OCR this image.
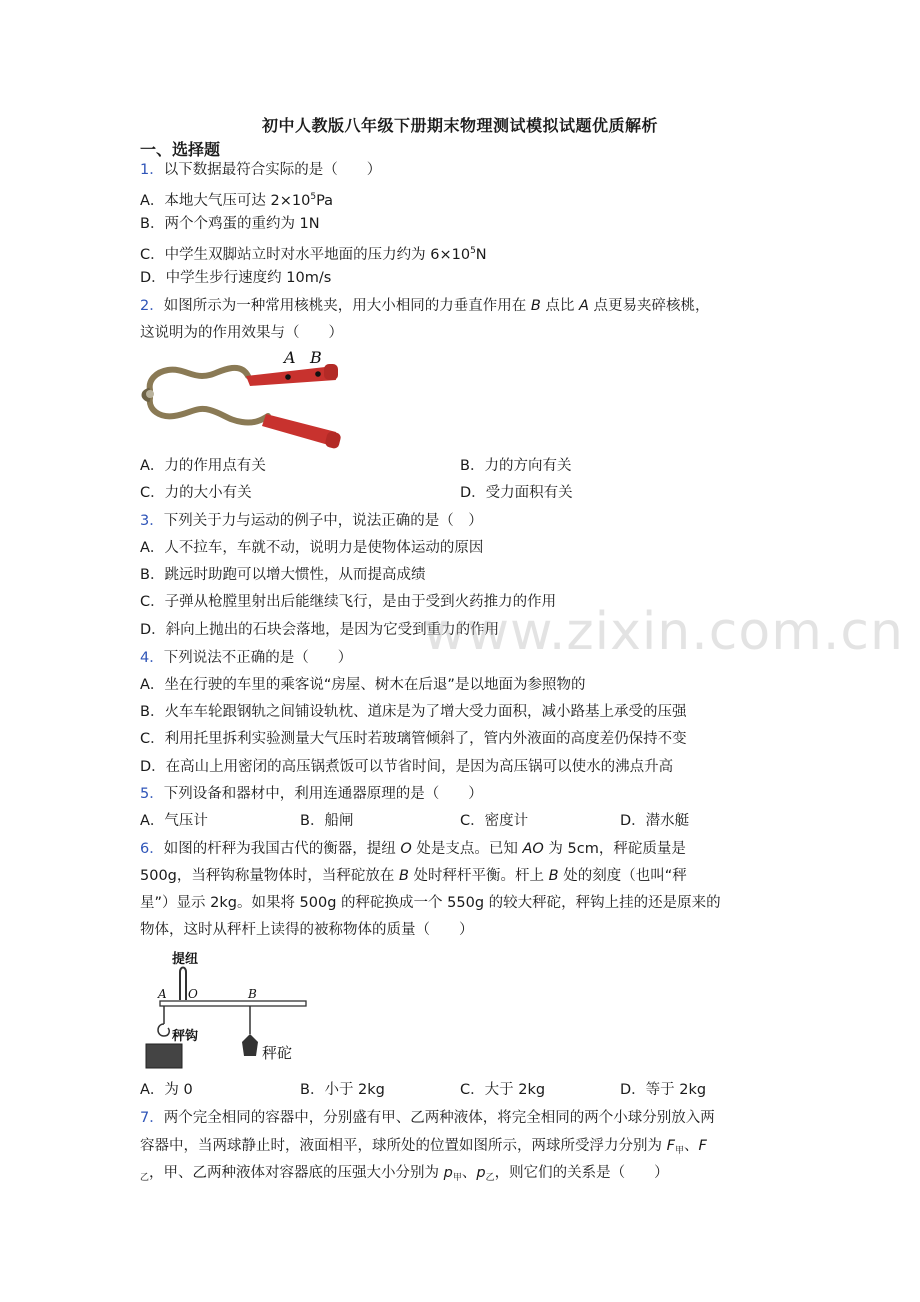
初中人教版八年级下册期末物理测试模拟试题优质解析
一、选择题
1．以下数据最符合实际的是（　　）
A．本地大气压可达 $2\times 10^5Pa$
B．两个个鸡蛋的重约为 1N
C．中学生双脚站立时对水平地面的压力约为 $6\times 10^5N$
D．中学生步行速度约 10m/s
2．如图所示为一种常用核桃夹，用大小相同的力垂直作用在 B 点比 A 点更易夹碎核桃，
这说明为的作用效果与（　　）
A B
A．力的作用点有关	B．力的方向有关
C．力的大小有关	D．受力面积有关
3．下列关于力与运动的例子中，说法正确的是（　）
A．人不拉车，车就不动，说明力是使物体运动的原因
B．跳远时助跑可以增大惯性，从而提高成绩
C．子弹从枪膛里射出后能继续飞行，是由于受到火药推力的作用
D．斜向上抛出的石块会落地，是因为它受到重力的作用
www.zixin.com.cn
4．下列说法不正确的是（　　）
A．坐在行驶的车里的乘客说“房屋、树木在后退”是以地面为参照物的
B．火车车轮跟钢轨之间铺设轨枕、道床是为了增大受力面积，减小路基上承受的压强
C．利用托里拆利实验测量大气压时若玻璃管倾斜了，管内外液面的高度差仍保持不变
D．在高山上用密闭的高压锅煮饭可以节省时间，是因为高压锅可以使水的沸点升高
5．下列设备和器材中，利用连通器原理的是（　　）
A．气压计	B．船闸	C．密度计	D．潜水艇
6．如图的杆秤为我国古代的衡器，提纽 O 处是支点。已知 AO 为 5cm，秤砣质量是
500g，当秤钩称量物体时，当秤砣放在 B 处时秤杆平衡。杆上 B 处的刻度（也叫“秤
星”）显示 2kg。如果将 500g 的秤砣换成一个 550g 的较大秤砣，秤钩上挂的还是原来的
物体，这时从秤杆上读得的被称物体的质量（　　）
提纽
A O	B
秤钩
秤砣
A．为 0	B．小于 2kg	C．大于 2kg	D．等于 2kg
7．两个完全相同的容器中，分别盛有甲、乙两种液体，将完全相同的两个小球分别放入两
容器中，当两球静止时，液面相平，球所处的位置如图所示，两球所受浮力分别为 $F_甲$、F
$_乙$，甲、乙两种液体对容器底的压强大小分别为 $p_甲$、$p_乙$，则它们的关系是（　　）
